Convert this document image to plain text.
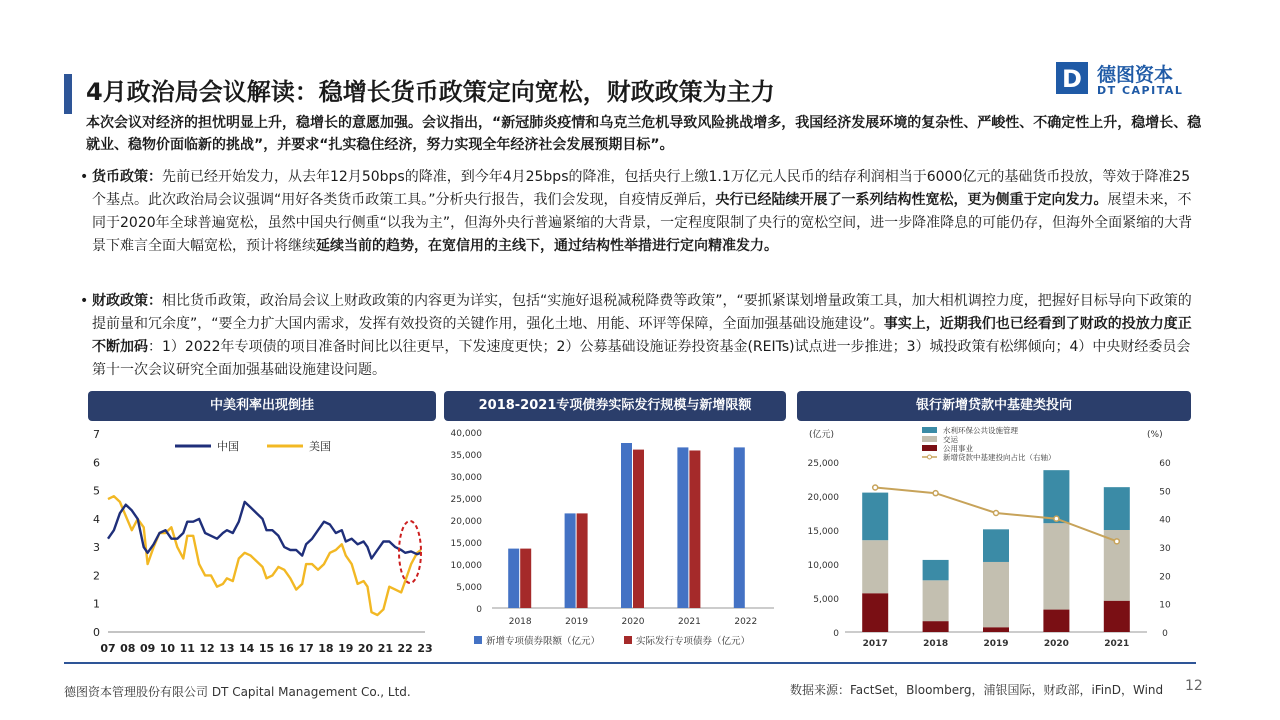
4月政治局会议解读：稳增长货币政策定向宽松，财政政策为主力	D 德图资本
DT CAPITAL
本次会议对经济的担忧明显上升，稳增长的意愿加强。会议指出，“新冠肺炎疫情和乌克兰危机导致风险挑战增多，我国经济发展环境的复杂性、严峻性、不确定性上升，稳增长、稳就业、稳物价面临新的挑战”，并要求“扎实稳住经济，努力实现全年经济社会发展预期目标”。
• 货币政策：先前已经开始发力，从去年12月50bps的降准，到今年4月25bps的降准，包括央行上缴1.1万亿元人民币的结存利润相当于6000亿元的基础货币投放，等效于降准25个基点。此次政治局会议强调“用好各类货币政策工具。”分析央行报告，我们会发现，自疫情反弹后，央行已经陆续开展了一系列结构性宽松，更为侧重于定向发力。展望未来，不同于2020年全球普遍宽松，虽然中国央行侧重“以我为主”，但海外央行普遍紧缩的大背景，一定程度限制了央行的宽松空间，进一步降准降息的可能仍存，但海外全面紧缩的大背景下难言全面大幅宽松，预计将继续延续当前的趋势，在宽信用的主线下，通过结构性举措进行定向精准发力。
• 财政政策：相比货币政策，政治局会议上财政政策的内容更为详实，包括“实施好退税减税降费等政策”，“要抓紧谋划增量政策工具，加大相机调控力度，把握好目标导向下政策的提前量和冗余度”，“要全力扩大国内需求，发挥有效投资的关键作用，强化土地、用能、环评等保障，全面加强基础设施建设”。事实上，近期我们也已经看到了财政的投放力度正不断加码：1）2022年专项债的项目准备时间比以往更早，下发速度更快；2）公募基础设施证券投资基金(REITs)试点进一步推进；3）城投政策有松绑倾向；4）中央财经委员会第十一次会议研究全面加强基础设施建设问题。
中美利率出现倒挂	2018-2021专项债券实际发行规模与新增限额	银行新增贷款中基建类投向
0
1
2
3
4
5
6
7
07 08 09 10 11 12 13 14 15 16 17 18 19 20 21 22 23
中国	美国
0
5,000
10,000
15,000
20,000
25,000
30,000
35,000
40,000
2018	2019	2020	2021	2022
新增专项债券限额（亿元）	实际发行专项债券（亿元）
(亿元)	(%)
0
5,000
10,000
15,000
20,000
25,000
0
10
20
30
40
50
60
2017	2018	2019	2020	2021
水利环保公共设施管理
交运
公用事业
新增贷款中基建投向占比（右轴）
德图资本管理股份有限公司 DT Capital Management Co., Ltd.	数据来源：FactSet，Bloomberg，浦银国际，财政部，iFinD，Wind 12
